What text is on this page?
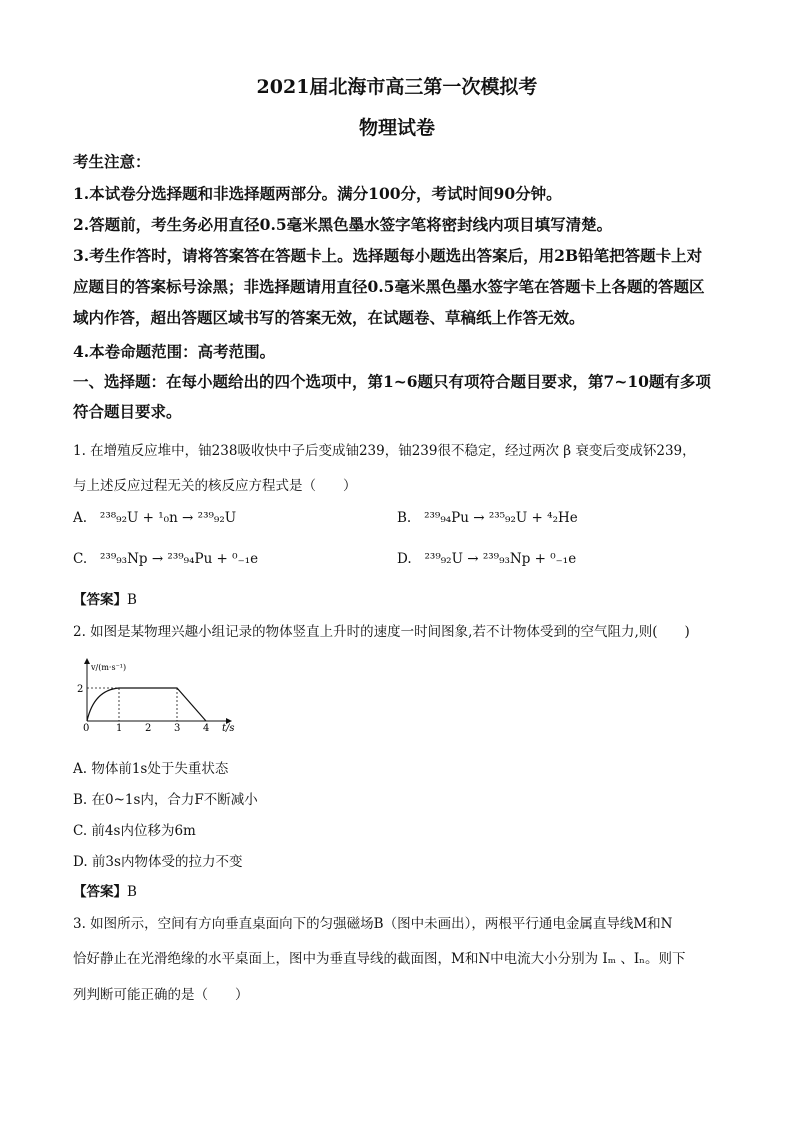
2021届北海市高三第一次模拟考
物理试卷
考生注意：
1.本试卷分选择题和非选择题两部分。满分100分，考试时间90分钟。
2.答题前，考生务必用直径0.5毫米黑色墨水签字笔将密封线内项目填写清楚。
3.考生作答时，请将答案答在答题卡上。选择题每小题选出答案后，用2B铅笔把答题卡上对
应题目的答案标号涂黑；非选择题请用直径0.5毫米黑色墨水签字笔在答题卡上各题的答题区
域内作答，超出答题区域书写的答案无效，在试题卷、草稿纸上作答无效。
4.本卷命题范围：高考范围。
一、选择题：在每小题给出的四个选项中，第1~6题只有项符合题目要求，第7~10题有多项
符合题目要求。
1. 在增殖反应堆中，铀238吸收快中子后变成铀239，铀239很不稳定，经过两次 β 衰变后变成钚239，
与上述反应过程无关的核反应方程式是（　　）
A. ²³⁸₉₂U + ¹₀n → ²³⁹₉₂U	B. ²³⁹₉₄Pu → ²³⁵₉₂U + ⁴₂He
C. ²³⁹₉₃Np → ²³⁹₉₄Pu + ⁰₋₁e	D. ²³⁹₉₂U → ²³⁹₉₃Np + ⁰₋₁e
【答案】B
2. 如图是某物理兴趣小组记录的物体竖直上升时的速度一时间图象,若不计物体受到的空气阻力,则(　　)
v/(m·s⁻¹)
2
0	1 2 3 4 t/s
A. 物体前1s处于失重状态
B. 在0~1s内，合力F不断减小
C. 前4s内位移为6m
D. 前3s内物体受的拉力不变
【答案】B
3. 如图所示，空间有方向垂直桌面向下的匀强磁场B（图中未画出），两根平行通电金属直导线M和N
恰好静止在光滑绝缘的水平桌面上，图中为垂直导线的截面图，M和N中电流大小分别为 Iₘ 、Iₙ。则下
列判断可能正确的是（　　）
